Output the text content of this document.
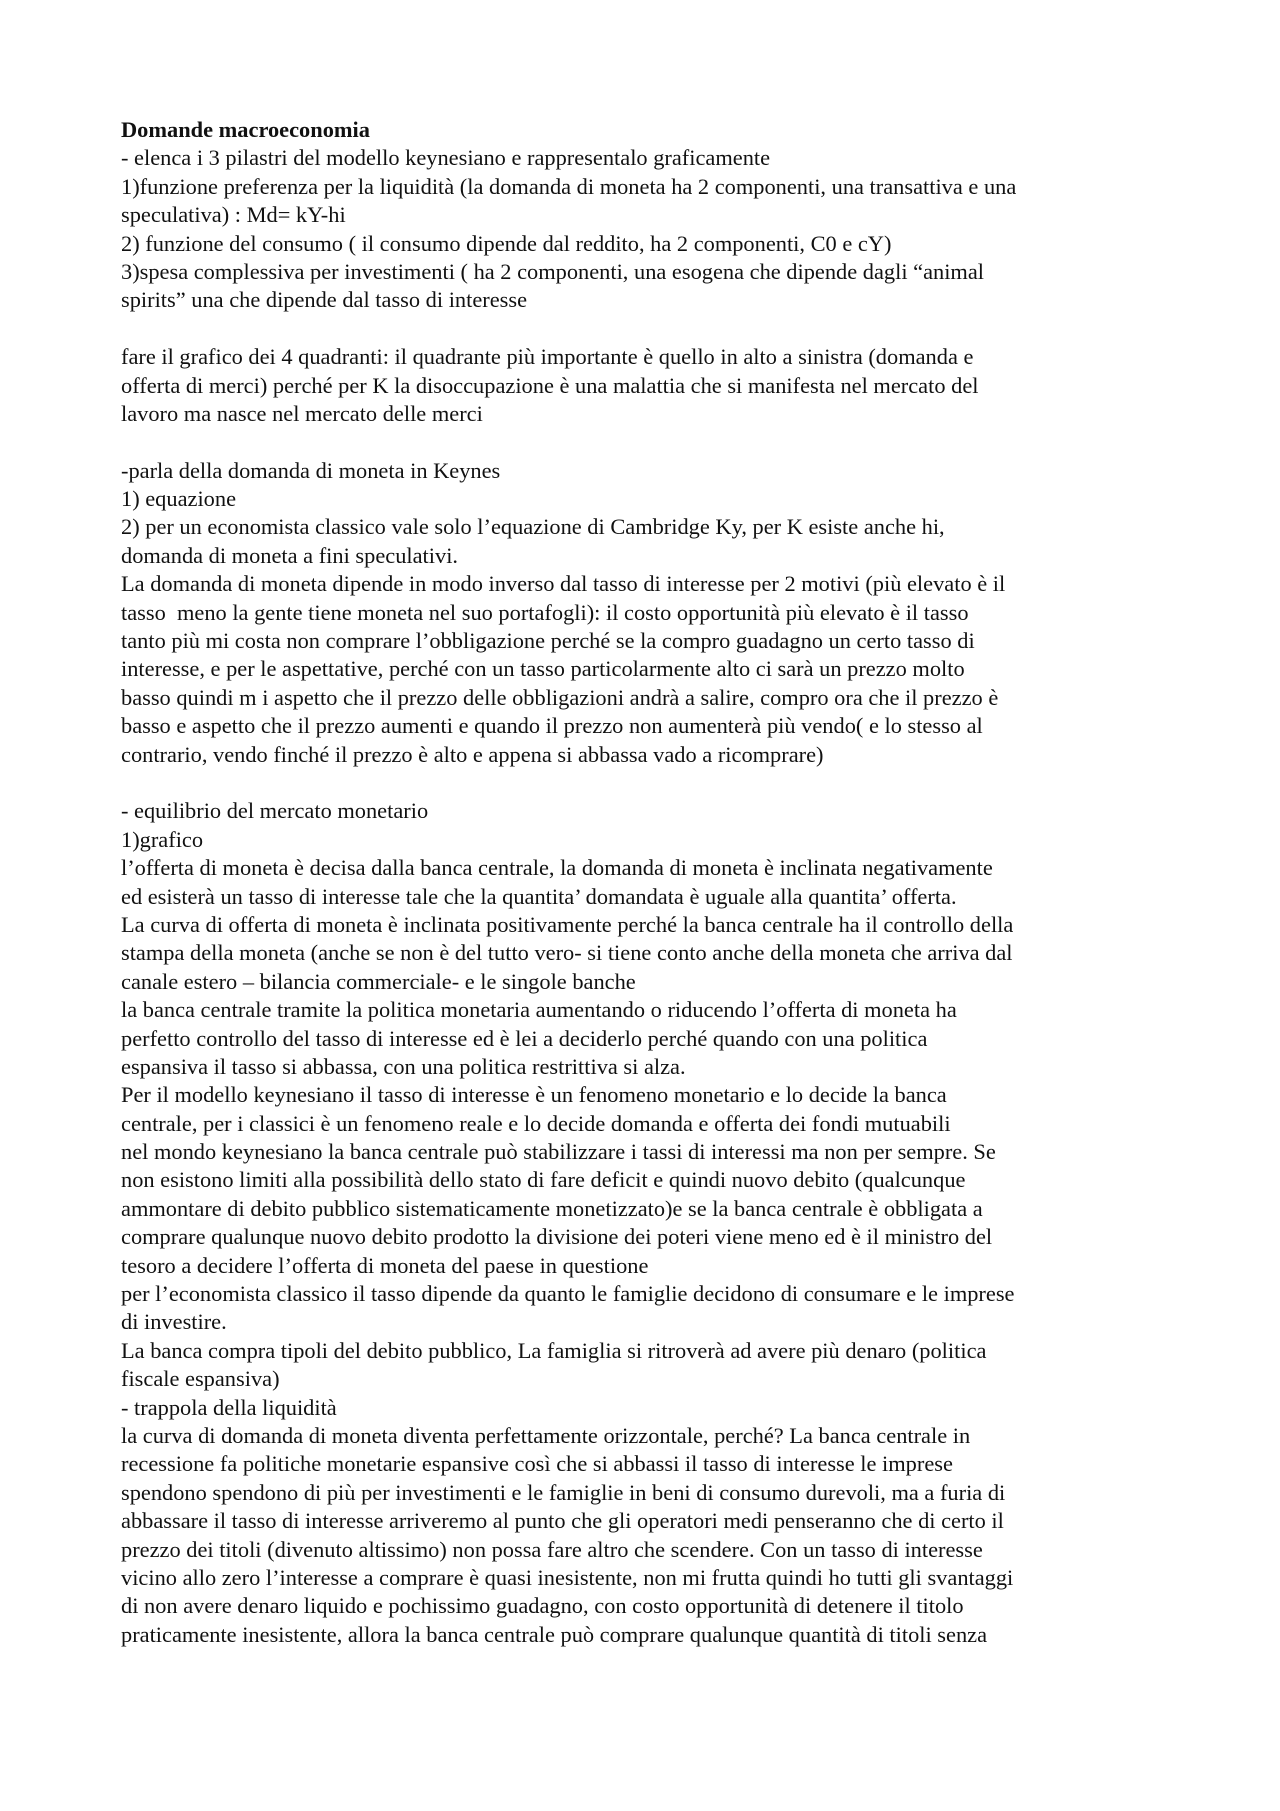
Domande macroeconomia
- elenca i 3 pilastri del modello keynesiano e rappresentalo graficamente
1)funzione preferenza per la liquidità (la domanda di moneta ha 2 componenti, una transattiva e una
speculativa) : Md= kY-hi
2) funzione del consumo ( il consumo dipende dal reddito, ha 2 componenti, C0 e cY)
3)spesa complessiva per investimenti ( ha 2 componenti, una esogena che dipende dagli “animal
spirits” una che dipende dal tasso di interesse
fare il grafico dei 4 quadranti: il quadrante più importante è quello in alto a sinistra (domanda e
offerta di merci) perché per K la disoccupazione è una malattia che si manifesta nel mercato del
lavoro ma nasce nel mercato delle merci
-parla della domanda di moneta in Keynes
1) equazione
2) per un economista classico vale solo l’equazione di Cambridge Ky, per K esiste anche hi,
domanda di moneta a fini speculativi.
La domanda di moneta dipende in modo inverso dal tasso di interesse per 2 motivi (più elevato è il
tasso  meno la gente tiene moneta nel suo portafogli): il costo opportunità più elevato è il tasso
tanto più mi costa non comprare l’obbligazione perché se la compro guadagno un certo tasso di
interesse, e per le aspettative, perché con un tasso particolarmente alto ci sarà un prezzo molto
basso quindi m i aspetto che il prezzo delle obbligazioni andrà a salire, compro ora che il prezzo è
basso e aspetto che il prezzo aumenti e quando il prezzo non aumenterà più vendo( e lo stesso al
contrario, vendo finché il prezzo è alto e appena si abbassa vado a ricomprare)
- equilibrio del mercato monetario
1)grafico
l’offerta di moneta è decisa dalla banca centrale, la domanda di moneta è inclinata negativamente
ed esisterà un tasso di interesse tale che la quantita’ domandata è uguale alla quantita’ offerta.
La curva di offerta di moneta è inclinata positivamente perché la banca centrale ha il controllo della
stampa della moneta (anche se non è del tutto vero- si tiene conto anche della moneta che arriva dal
canale estero – bilancia commerciale- e le singole banche
la banca centrale tramite la politica monetaria aumentando o riducendo l’offerta di moneta ha
perfetto controllo del tasso di interesse ed è lei a deciderlo perché quando con una politica
espansiva il tasso si abbassa, con una politica restrittiva si alza.
Per il modello keynesiano il tasso di interesse è un fenomeno monetario e lo decide la banca
centrale, per i classici è un fenomeno reale e lo decide domanda e offerta dei fondi mutuabili
nel mondo keynesiano la banca centrale può stabilizzare i tassi di interessi ma non per sempre. Se
non esistono limiti alla possibilità dello stato di fare deficit e quindi nuovo debito (qualcunque
ammontare di debito pubblico sistematicamente monetizzato)e se la banca centrale è obbligata a
comprare qualunque nuovo debito prodotto la divisione dei poteri viene meno ed è il ministro del
tesoro a decidere l’offerta di moneta del paese in questione
per l’economista classico il tasso dipende da quanto le famiglie decidono di consumare e le imprese
di investire.
La banca compra tipoli del debito pubblico, La famiglia si ritroverà ad avere più denaro (politica
fiscale espansiva)
- trappola della liquidità
la curva di domanda di moneta diventa perfettamente orizzontale, perché? La banca centrale in
recessione fa politiche monetarie espansive così che si abbassi il tasso di interesse le imprese
spendono spendono di più per investimenti e le famiglie in beni di consumo durevoli, ma a furia di
abbassare il tasso di interesse arriveremo al punto che gli operatori medi penseranno che di certo il
prezzo dei titoli (divenuto altissimo) non possa fare altro che scendere. Con un tasso di interesse
vicino allo zero l’interesse a comprare è quasi inesistente, non mi frutta quindi ho tutti gli svantaggi
di non avere denaro liquido e pochissimo guadagno, con costo opportunità di detenere il titolo
praticamente inesistente, allora la banca centrale può comprare qualunque quantità di titoli senza
